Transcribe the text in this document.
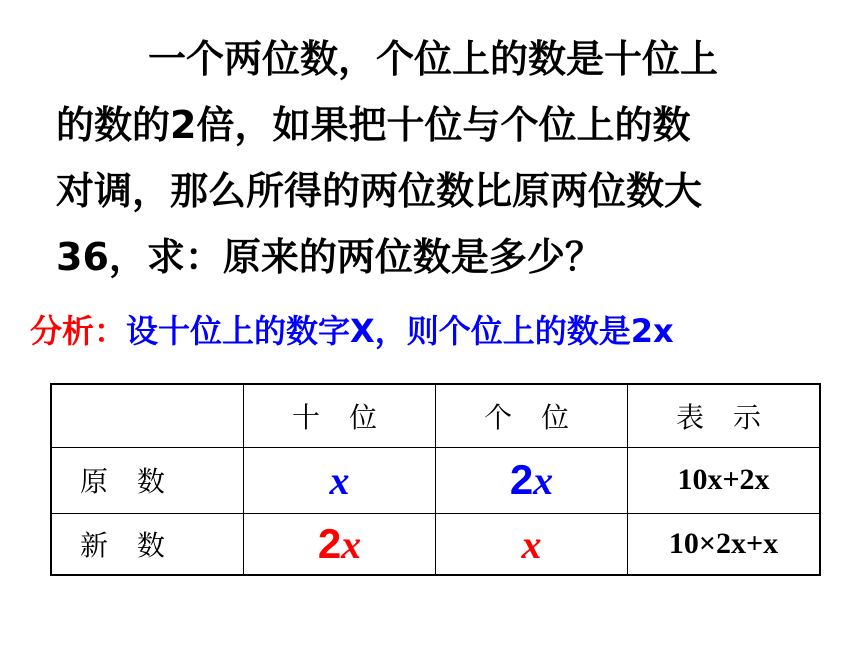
一个两位数，个位上的数是十位上
的数的2倍，如果把十位与个位上的数
对调，那么所得的两位数比原两位数大
36，求：原来的两位数是多少？
分析：设十位上的数字X，则个位上的数是2x
	十 位	个 位	表 示
原 数	x	2x	10x+2x
新 数	2x	x	10×2x+x
